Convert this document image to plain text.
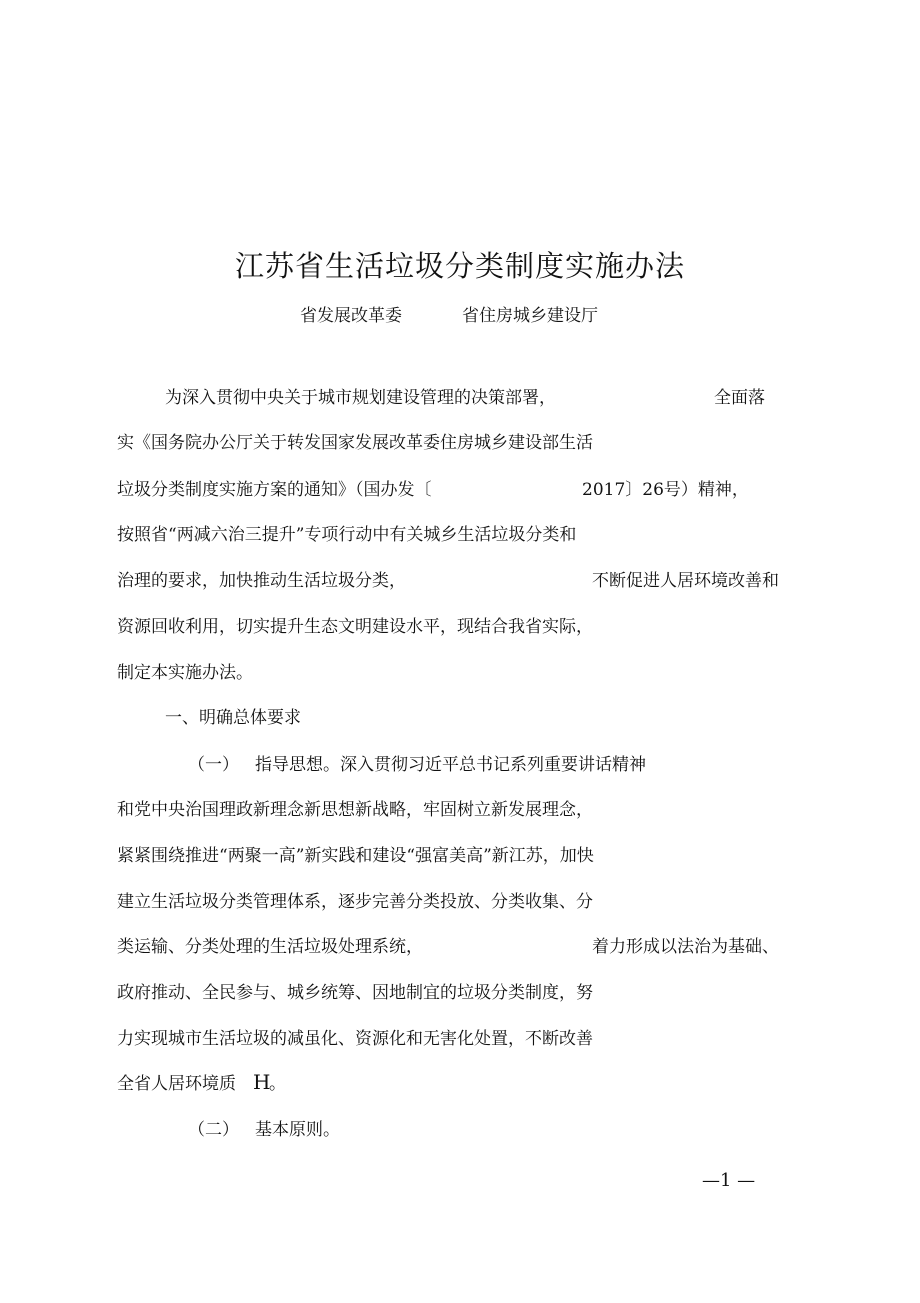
江苏省生活垃圾分类制度实施办法
省发展改革委	省住房城乡建设厅
为深入贯彻中央关于城市规划建设管理的决策部署，	全面落
实《国务院办公厅关于转发国家发展改革委住房城乡建设部生活
垃圾分类制度实施方案的通知》（国办发〔	2017〕26号）精神，
按照省“两减六治三提升”专项行动中有关城乡生活垃圾分类和
治理的要求，加快推动生活垃圾分类，	不断促进人居环境改善和
资源回收利用，切实提升生态文明建设水平，现结合我省实际，
制定本实施办法。
一、明确总体要求
（一） 指导思想。深入贯彻习近平总书记系列重要讲话精神
和党中央治国理政新理念新思想新战略，牢固树立新发展理念，
紧紧围绕推进“两聚一高”新实践和建设“强富美高”新江苏，加快
建立生活垃圾分类管理体系，逐步完善分类投放、分类收集、分
类运输、分类处理的生活垃圾处理系统，	着力形成以法治为基础、
政府推动、全民参与、城乡统筹、因地制宜的垃圾分类制度，努
力实现城市生活垃圾的减虽化、资源化和无害化处置，不断改善
全省人居环境质 H
。
（二） 基本原则。
—1 —
